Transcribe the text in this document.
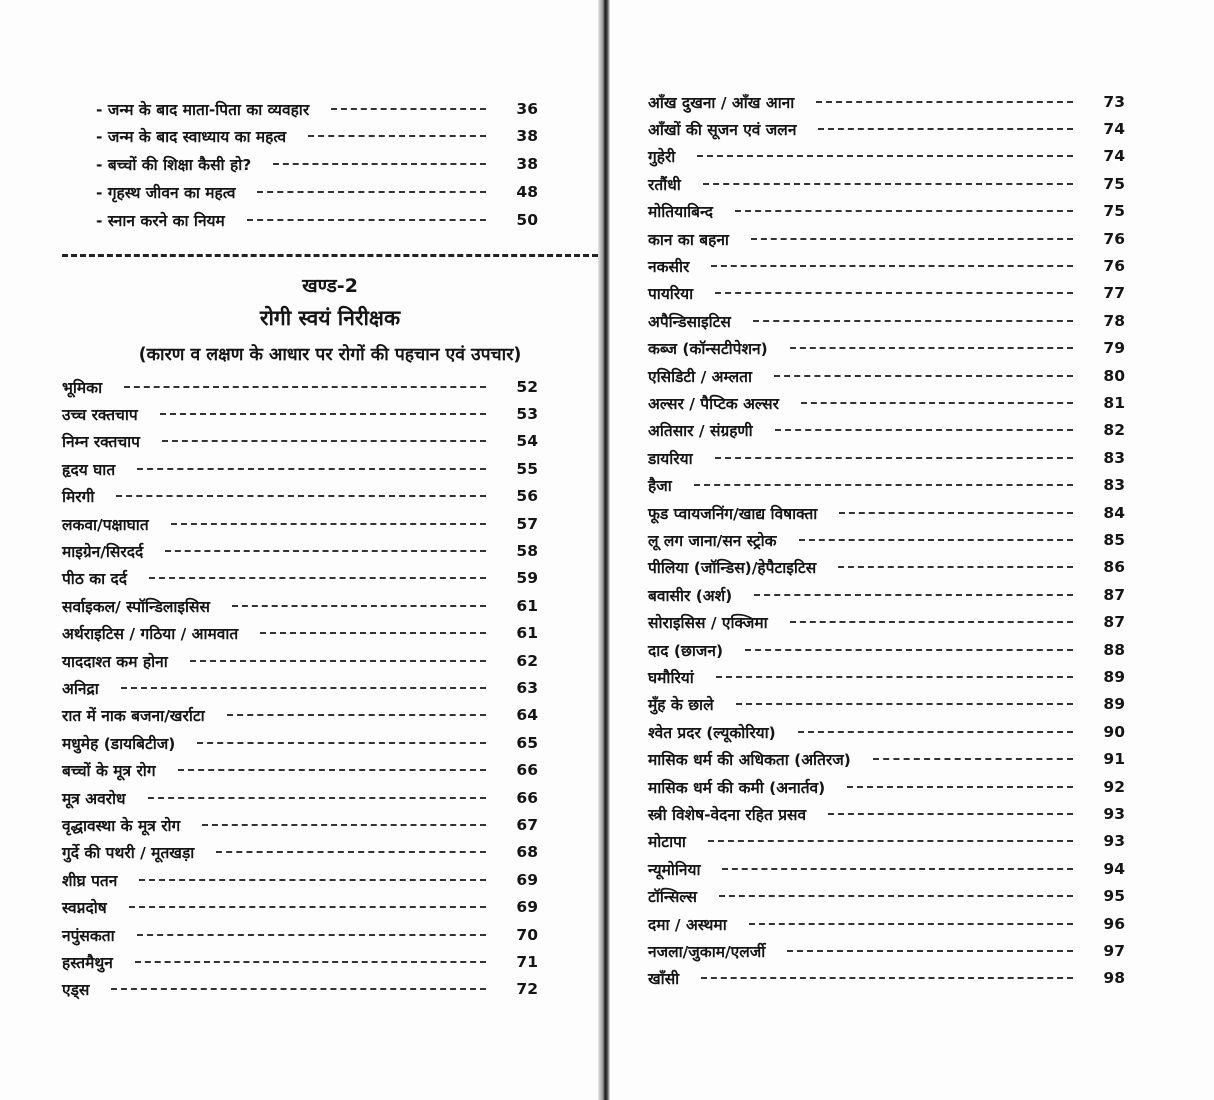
- जन्म के बाद माता-पिता का व्यवहार	36
- जन्म के बाद स्वाध्याय का महत्व	38
- बच्चों की शिक्षा कैसी हो?	38
- गृहस्थ जीवन का महत्व	48
- स्नान करने का नियम	50
खण्ड-2
रोगी स्वयं निरीक्षक
(कारण व लक्षण के आधार पर रोगों की पहचान एवं उपचार)
भूमिका	52
उच्च रक्तचाप	53
निम्न रक्तचाप	54
हृदय घात	55
मिरगी	56
लकवा/पक्षाघात	57
माइग्रेन/सिरदर्द	58
पीठ का दर्द	59
सर्वाइकल/ स्पॉन्डिलाइसिस	61
अर्थराइटिस / गठिया / आमवात	61
याददाश्त कम होना	62
अनिद्रा	63
रात में नाक बजना/खर्राटा	64
मधुमेह (डायबिटीज)	65
बच्चों के मूत्र रोग	66
मूत्र अवरोध	66
वृद्धावस्था के मूत्र रोग	67
गुर्दे की पथरी / मूतखड़ा	68
शीघ्र पतन	69
स्वप्नदोष	69
नपुंसकता	70
हस्तमैथुन	71
एड्स	72
आँख दुखना / आँख आना	73
आँखों की सूजन एवं जलन	74
गुहेरी	74
रतौंधी	75
मोतियाबिन्द	75
कान का बहना	76
नकसीर	76
पायरिया	77
अपैन्डिसाइटिस	78
कब्ज (कॉन्सटीपेशन)	79
एसिडिटी / अम्लता	80
अल्सर / पैप्टिक अल्सर	81
अतिसार / संग्रहणी	82
डायरिया	83
हैजा	83
फूड प्वायजनिंग/खाद्य विषाक्ता	84
लू लग जाना/सन स्ट्रोक	85
पीलिया (जॉन्डिस)/हेपैटाइटिस	86
बवासीर (अर्श)	87
सोराइसिस / एक्जिमा	87
दाद (छाजन)	88
घमौरियां	89
मुँह के छाले	89
श्वेत प्रदर (ल्यूकोरिया)	90
मासिक धर्म की अधिकता (अतिरज)	91
मासिक धर्म की कमी (अनार्तव)	92
स्त्री विशेष-वेदना रहित प्रसव	93
मोटापा	93
न्यूमोनिया	94
टॉन्सिल्स	95
दमा / अस्थमा	96
नजला/जुकाम/एलर्जी	97
खाँसी	98
